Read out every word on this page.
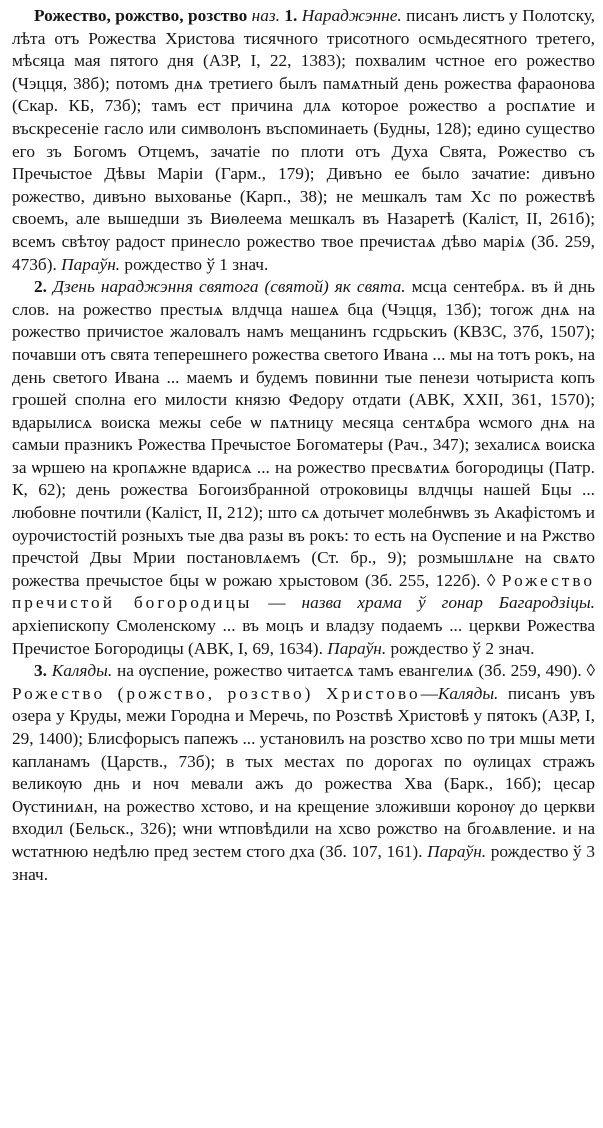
Рожество, рожство, розство наз. 1. Нараджэнне. писанъ листъ у Полотску, лѣта отъ Рожества Христова тисячного трисотного осмьдесятного третего, мѣсяца мая пятого дня (АЗР, I, 22, 1383); похвалим чстное его рожество (Чэцця, 38б); потомъ днѧ третиего былъ памѧтный день рожества фараонова (Скар. КБ, 73б); тамъ ест причина длѧ которое рожество а роспѧтие и въскресеніе гасло или символонъ въспоминаеть (Будны, 128); едино существо его зъ Богомъ Отцемъ, зачатіе по плоти отъ Духа Свята, Рожество съ Пречыстое Дѣвы Маріи (Гарм., 179); Дивъно ее было зачатие: дивъно рожество, дивъно выхованье (Карп., 38); не мешкалъ там Хс по рожествѣ своемъ, але вышедши зъ Виѳлеема мешкалъ въ Назаретѣ (Каліст, II, 261б); всемъ свѣтѹ радост принесло рожество твое пречистаѧ дѣво маріѧ (Зб. 259, 473б). Параўн. рождество ў 1 знач.

2. Дзень нараджэння святога (святой) як свята. мсца сентебрѧ. въ ӥ днь слов. на рожество престыѧ влдчца нашеѧ бца (Чэцця, 13б); тогож днѧ на рожество причистое жаловалъ намъ мещанинъ гсдрьскиъ (КВЗС, 37б, 1507); почавши отъ свята теперешнего рожества светого Ивана ... мы на тотъ рокъ, на день светого Ивана ... маемъ и будемъ повинни тые пенези чотыриста копъ грошей сполна его милости князю Федору отдати (АВК, XXII, 361, 1570); вдарылисѧ воиска межы себе ѡ пѧтницу месяца сентѧбра ѡсмого днѧ на самыи празникъ Рожества Пречыстое Богоматеры (Рач., 347); зехалисѧ воиска за ѡршею на кропѧжне вдарисѧ ... на рожество пресвѧтиѧ богородицы (Патр. К, 62); день рожества Богоизбранной отроковицы влдчцы нашей Бцы ... любовне почтили (Каліст, II, 212); што сѧ дотычет молебнѡвъ зъ Акафістомъ и оурочистостій розныхъ тые два разы въ рокъ: то есть на Ѹспение и на Ржство пречстой Двы Мрии постановлѧемъ (Ст. бр., 9); розмышлѧне на свѧто рожества пречыстое бцы ѡ рожаю хрыстовом (Зб. 255, 122б). ◊ Рожество пречистой богородицы — назва храма ў гонар Багародзіцы. архіепископу Смоленскому ... въ моцъ и владзу подаемъ ... церкви Рожества Пречистое Богородицы (АВК, I, 69, 1634). Параўн. рождество ў 2 знач.

3. Каляды. на ѹспение, рожество читаетсѧ тамъ евангелиѧ (Зб. 259, 490). ◊ Рожество (рожство, розство) Христово—Каляды. писанъ увъ озера у Круды, межи Городна и Меречь, по Розствѣ Христовѣ у пятокъ (АЗР, I, 29, 1400); Блисфорысъ папежъ ... установилъ на розство хсво по три мшы мети капланамъ (Царств., 73б); в тых местах по дорогах по ѹлицах стражъ великѹю днь и ноч мевали ажъ до рожества Хва (Барк., 16б); цесар Ѹстиниѧн, на рожество хстово, и на крещение зложивши коронѹ до церкви входил (Бельск., 326); ѡни ѡтповѣдили на хсво рожство на бгоѧвление. и на ѡстатнюю недѣлю пред зестем стого дха (Зб. 107, 161). Параўн. рождество ў 3 знач.
